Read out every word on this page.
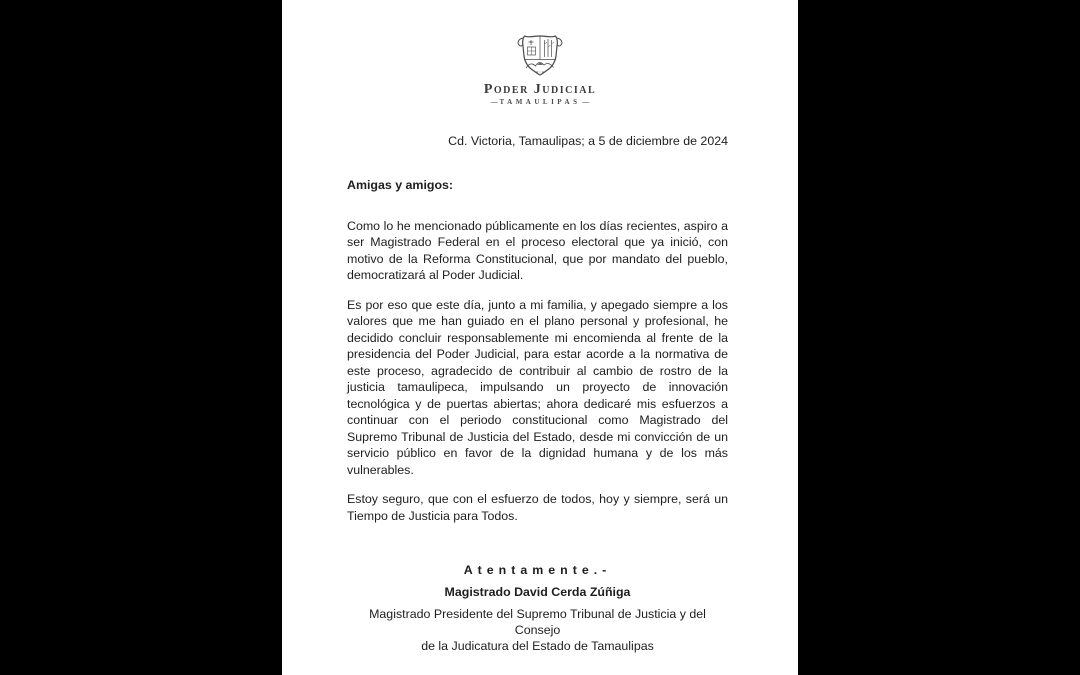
Poder Judicial
— TAMAULIPAS —
Cd. Victoria, Tamaulipas; a 5 de diciembre de 2024
Amigas y amigos:

Como lo he mencionado públicamente en los días recientes, aspiro a ser Magistrado Federal en el proceso electoral que ya inició, con motivo de la Reforma Constitucional, que por mandato del pueblo, democratizará al Poder Judicial.

Es por eso que este día, junto a mi familia, y apegado siempre a los valores que me han guiado en el plano personal y profesional, he decidido concluir responsablemente mi encomienda al frente de la presidencia del Poder Judicial, para estar acorde a la normativa de este proceso, agradecido de contribuir al cambio de rostro de la justicia tamaulipeca, impulsando un proyecto de innovación tecnológica y de puertas abiertas; ahora dedicaré mis esfuerzos a continuar con el periodo constitucional como Magistrado del Supremo Tribunal de Justicia del Estado, desde mi convicción de un servicio público en favor de la dignidad humana y de los más vulnerables.

Estoy seguro, que con el esfuerzo de todos, hoy y siempre, será un Tiempo de Justicia para Todos.

Atentamente.-
Magistrado David Cerda Zúñiga
Magistrado Presidente del Supremo Tribunal de Justicia y del Consejo
de la Judicatura del Estado de Tamaulipas
